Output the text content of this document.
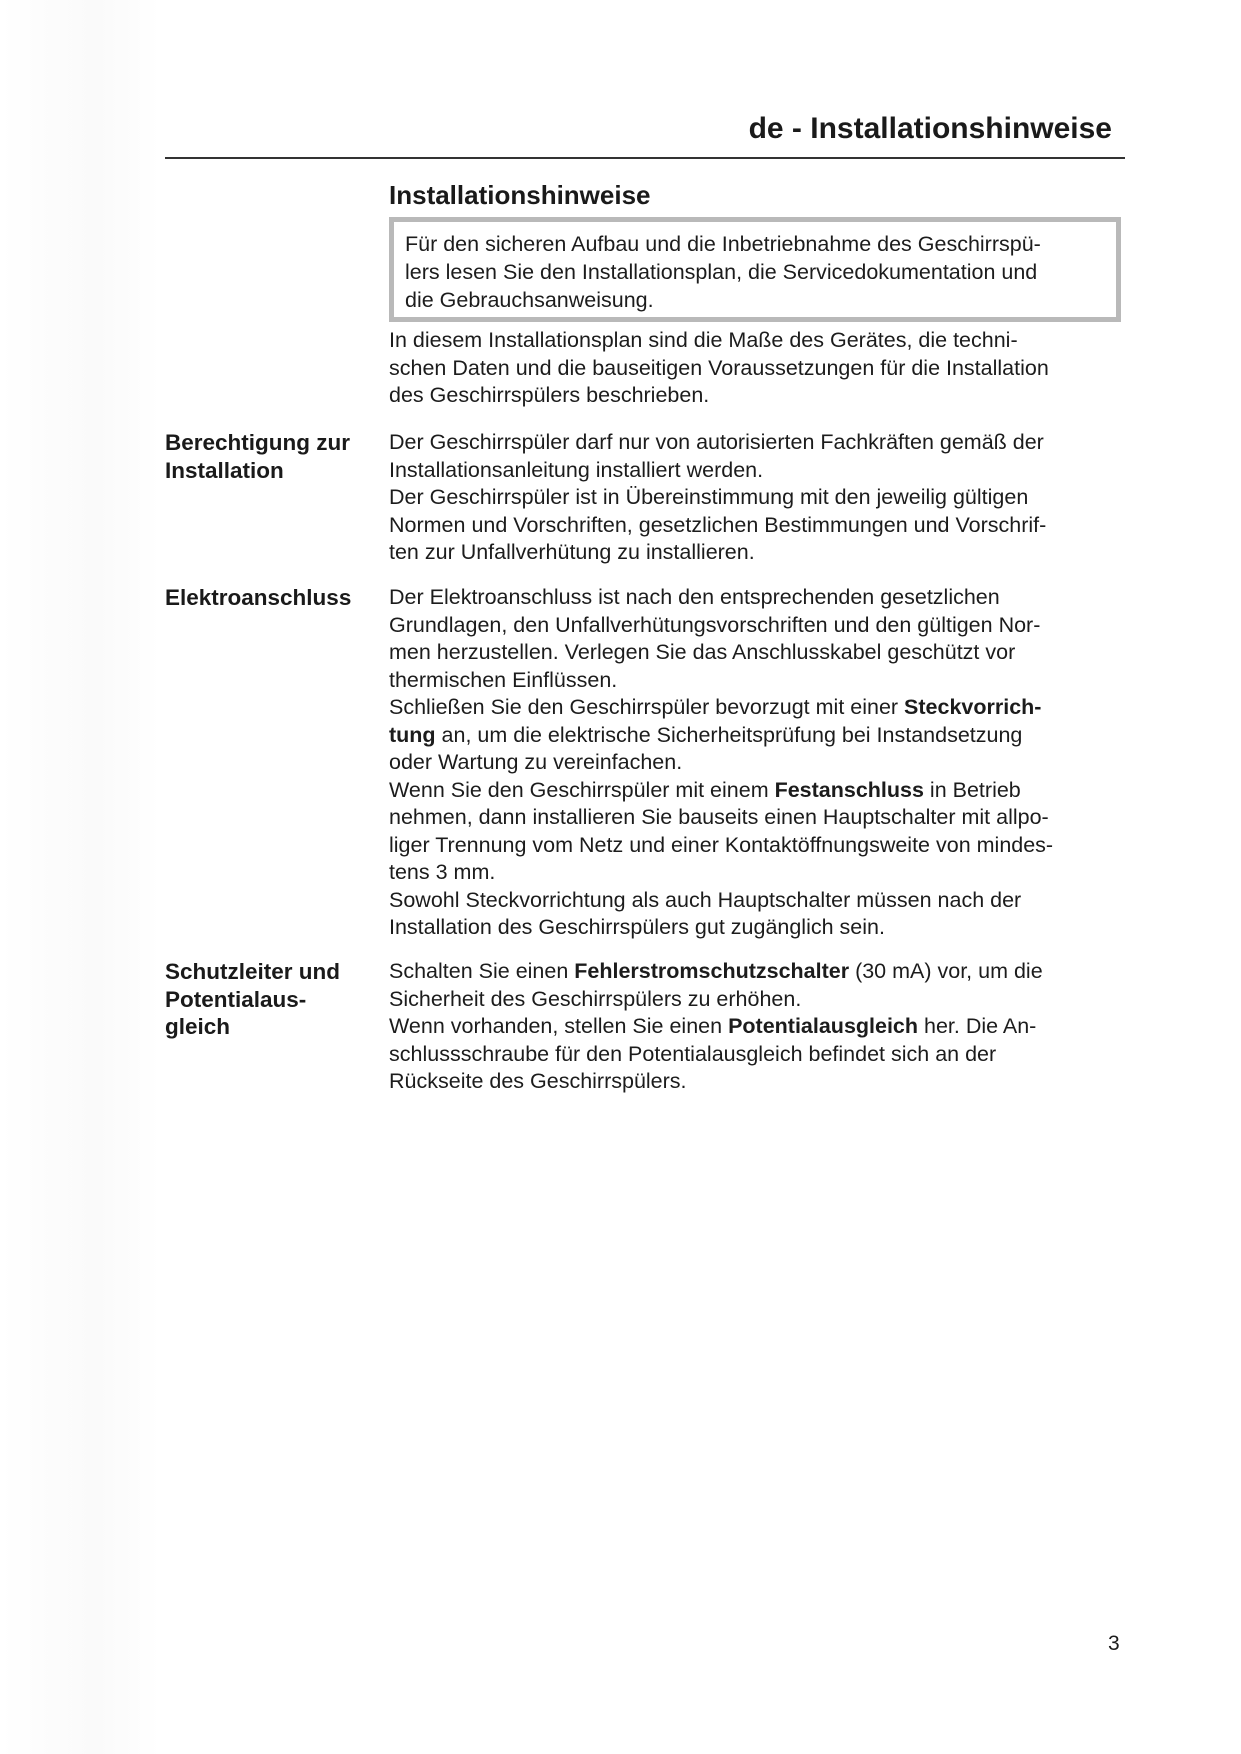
de - Installationshinweise
Installationshinweise
Für den sicheren Aufbau und die Inbetriebnahme des Geschirrspü-
lers lesen Sie den Installationsplan, die Servicedokumentation und
die Gebrauchsanweisung.
In diesem Installationsplan sind die Maße des Gerätes, die techni-
schen Daten und die bauseitigen Voraussetzungen für die Installation
des Geschirrspülers beschrieben.
Berechtigung zur
Installation
Der Geschirrspüler darf nur von autorisierten Fachkräften gemäß der
Installationsanleitung installiert werden.
Der Geschirrspüler ist in Übereinstimmung mit den jeweilig gültigen
Normen und Vorschriften, gesetzlichen Bestimmungen und Vorschrif-
ten zur Unfallverhütung zu installieren.
Elektroanschluss	Der Elektroanschluss ist nach den entsprechenden gesetzlichen
Grundlagen, den Unfallverhütungsvorschriften und den gültigen Nor-
men herzustellen. Verlegen Sie das Anschlusskabel geschützt vor
thermischen Einflüssen.
Schließen Sie den Geschirrspüler bevorzugt mit einer Steckvorrich-
tung an, um die elektrische Sicherheitsprüfung bei Instandsetzung
oder Wartung zu vereinfachen.
Wenn Sie den Geschirrspüler mit einem Festanschluss in Betrieb
nehmen, dann installieren Sie bauseits einen Hauptschalter mit allpo-
liger Trennung vom Netz und einer Kontaktöffnungsweite von mindes-
tens 3 mm.
Sowohl Steckvorrichtung als auch Hauptschalter müssen nach der
Installation des Geschirrspülers gut zugänglich sein.
Schutzleiter und
Potentialaus-
gleich
Schalten Sie einen Fehlerstromschutzschalter (30 mA) vor, um die
Sicherheit des Geschirrspülers zu erhöhen.
Wenn vorhanden, stellen Sie einen Potentialausgleich her. Die An-
schlussschraube für den Potentialausgleich befindet sich an der
Rückseite des Geschirrspülers.
3
